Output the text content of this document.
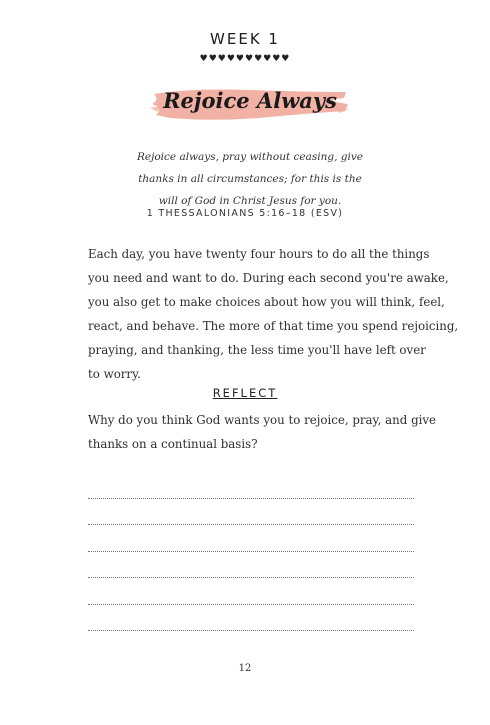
WEEK 1
♥♥♥♥♥♥♥♥♥♥
Rejoice Always
Rejoice always, pray without ceasing, give
thanks in all circumstances; for this is the
will of God in Christ Jesus for you.
1 THESSALONIANS 5:16–18 (ESV)
Each day, you have twenty four hours to do all the things
you need and want to do. During each second you're awake,
you also get to make choices about how you will think, feel,
react, and behave. The more of that time you spend rejoicing,
praying, and thanking, the less time you'll have left over
to worry.
REFLECT
Why do you think God wants you to rejoice, pray, and give
thanks on a continual basis?
12
